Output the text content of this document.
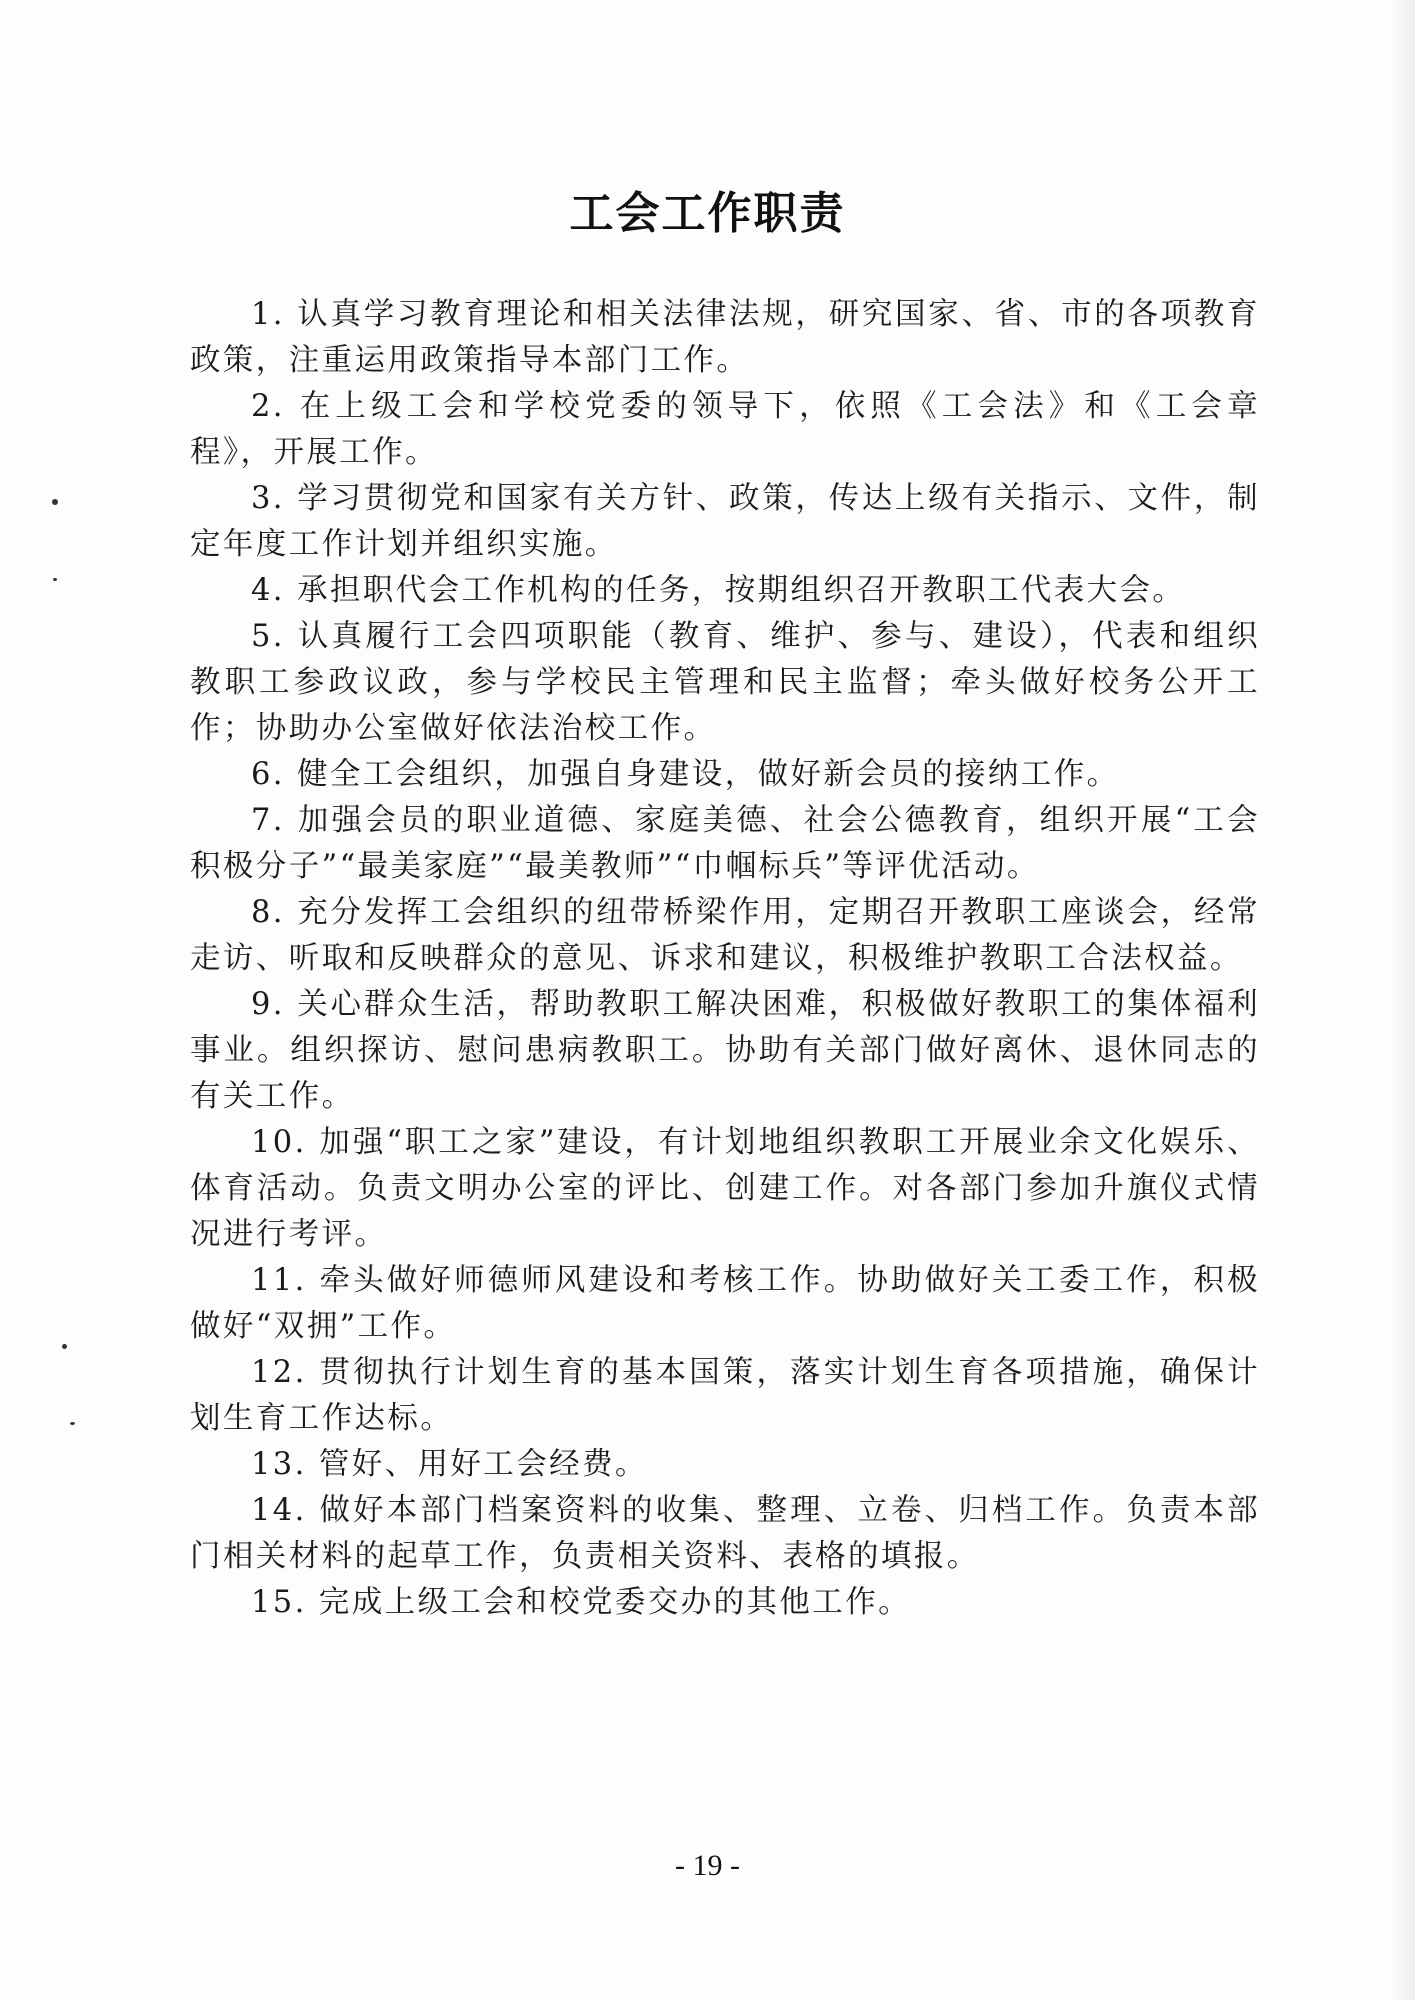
工会工作职责

1. 认真学习教育理论和相关法律法规，研究国家、省、市的各项教育政策，注重运用政策指导本部门工作。

2. 在上级工会和学校党委的领导下，依照《工会法》和《工会章程》，开展工作。

3. 学习贯彻党和国家有关方针、政策，传达上级有关指示、文件，制定年度工作计划并组织实施。

4. 承担职代会工作机构的任务，按期组织召开教职工代表大会。

5. 认真履行工会四项职能（教育、维护、参与、建设），代表和组织教职工参政议政，参与学校民主管理和民主监督；牵头做好校务公开工作；协助办公室做好依法治校工作。

6. 健全工会组织，加强自身建设，做好新会员的接纳工作。

7. 加强会员的职业道德、家庭美德、社会公德教育，组织开展“工会积极分子”“最美家庭”“最美教师”“巾帼标兵”等评优活动。

8. 充分发挥工会组织的纽带桥梁作用，定期召开教职工座谈会，经常走访、听取和反映群众的意见、诉求和建议，积极维护教职工合法权益。

9. 关心群众生活，帮助教职工解决困难，积极做好教职工的集体福利事业。组织探访、慰问患病教职工。协助有关部门做好离休、退休同志的有关工作。

10. 加强“职工之家”建设，有计划地组织教职工开展业余文化娱乐、体育活动。负责文明办公室的评比、创建工作。对各部门参加升旗仪式情况进行考评。

11. 牵头做好师德师风建设和考核工作。协助做好关工委工作，积极做好“双拥”工作。

12. 贯彻执行计划生育的基本国策，落实计划生育各项措施，确保计划生育工作达标。

13. 管好、用好工会经费。

14. 做好本部门档案资料的收集、整理、立卷、归档工作。负责本部门相关材料的起草工作，负责相关资料、表格的填报。

15. 完成上级工会和校党委交办的其他工作。

- 19 -
